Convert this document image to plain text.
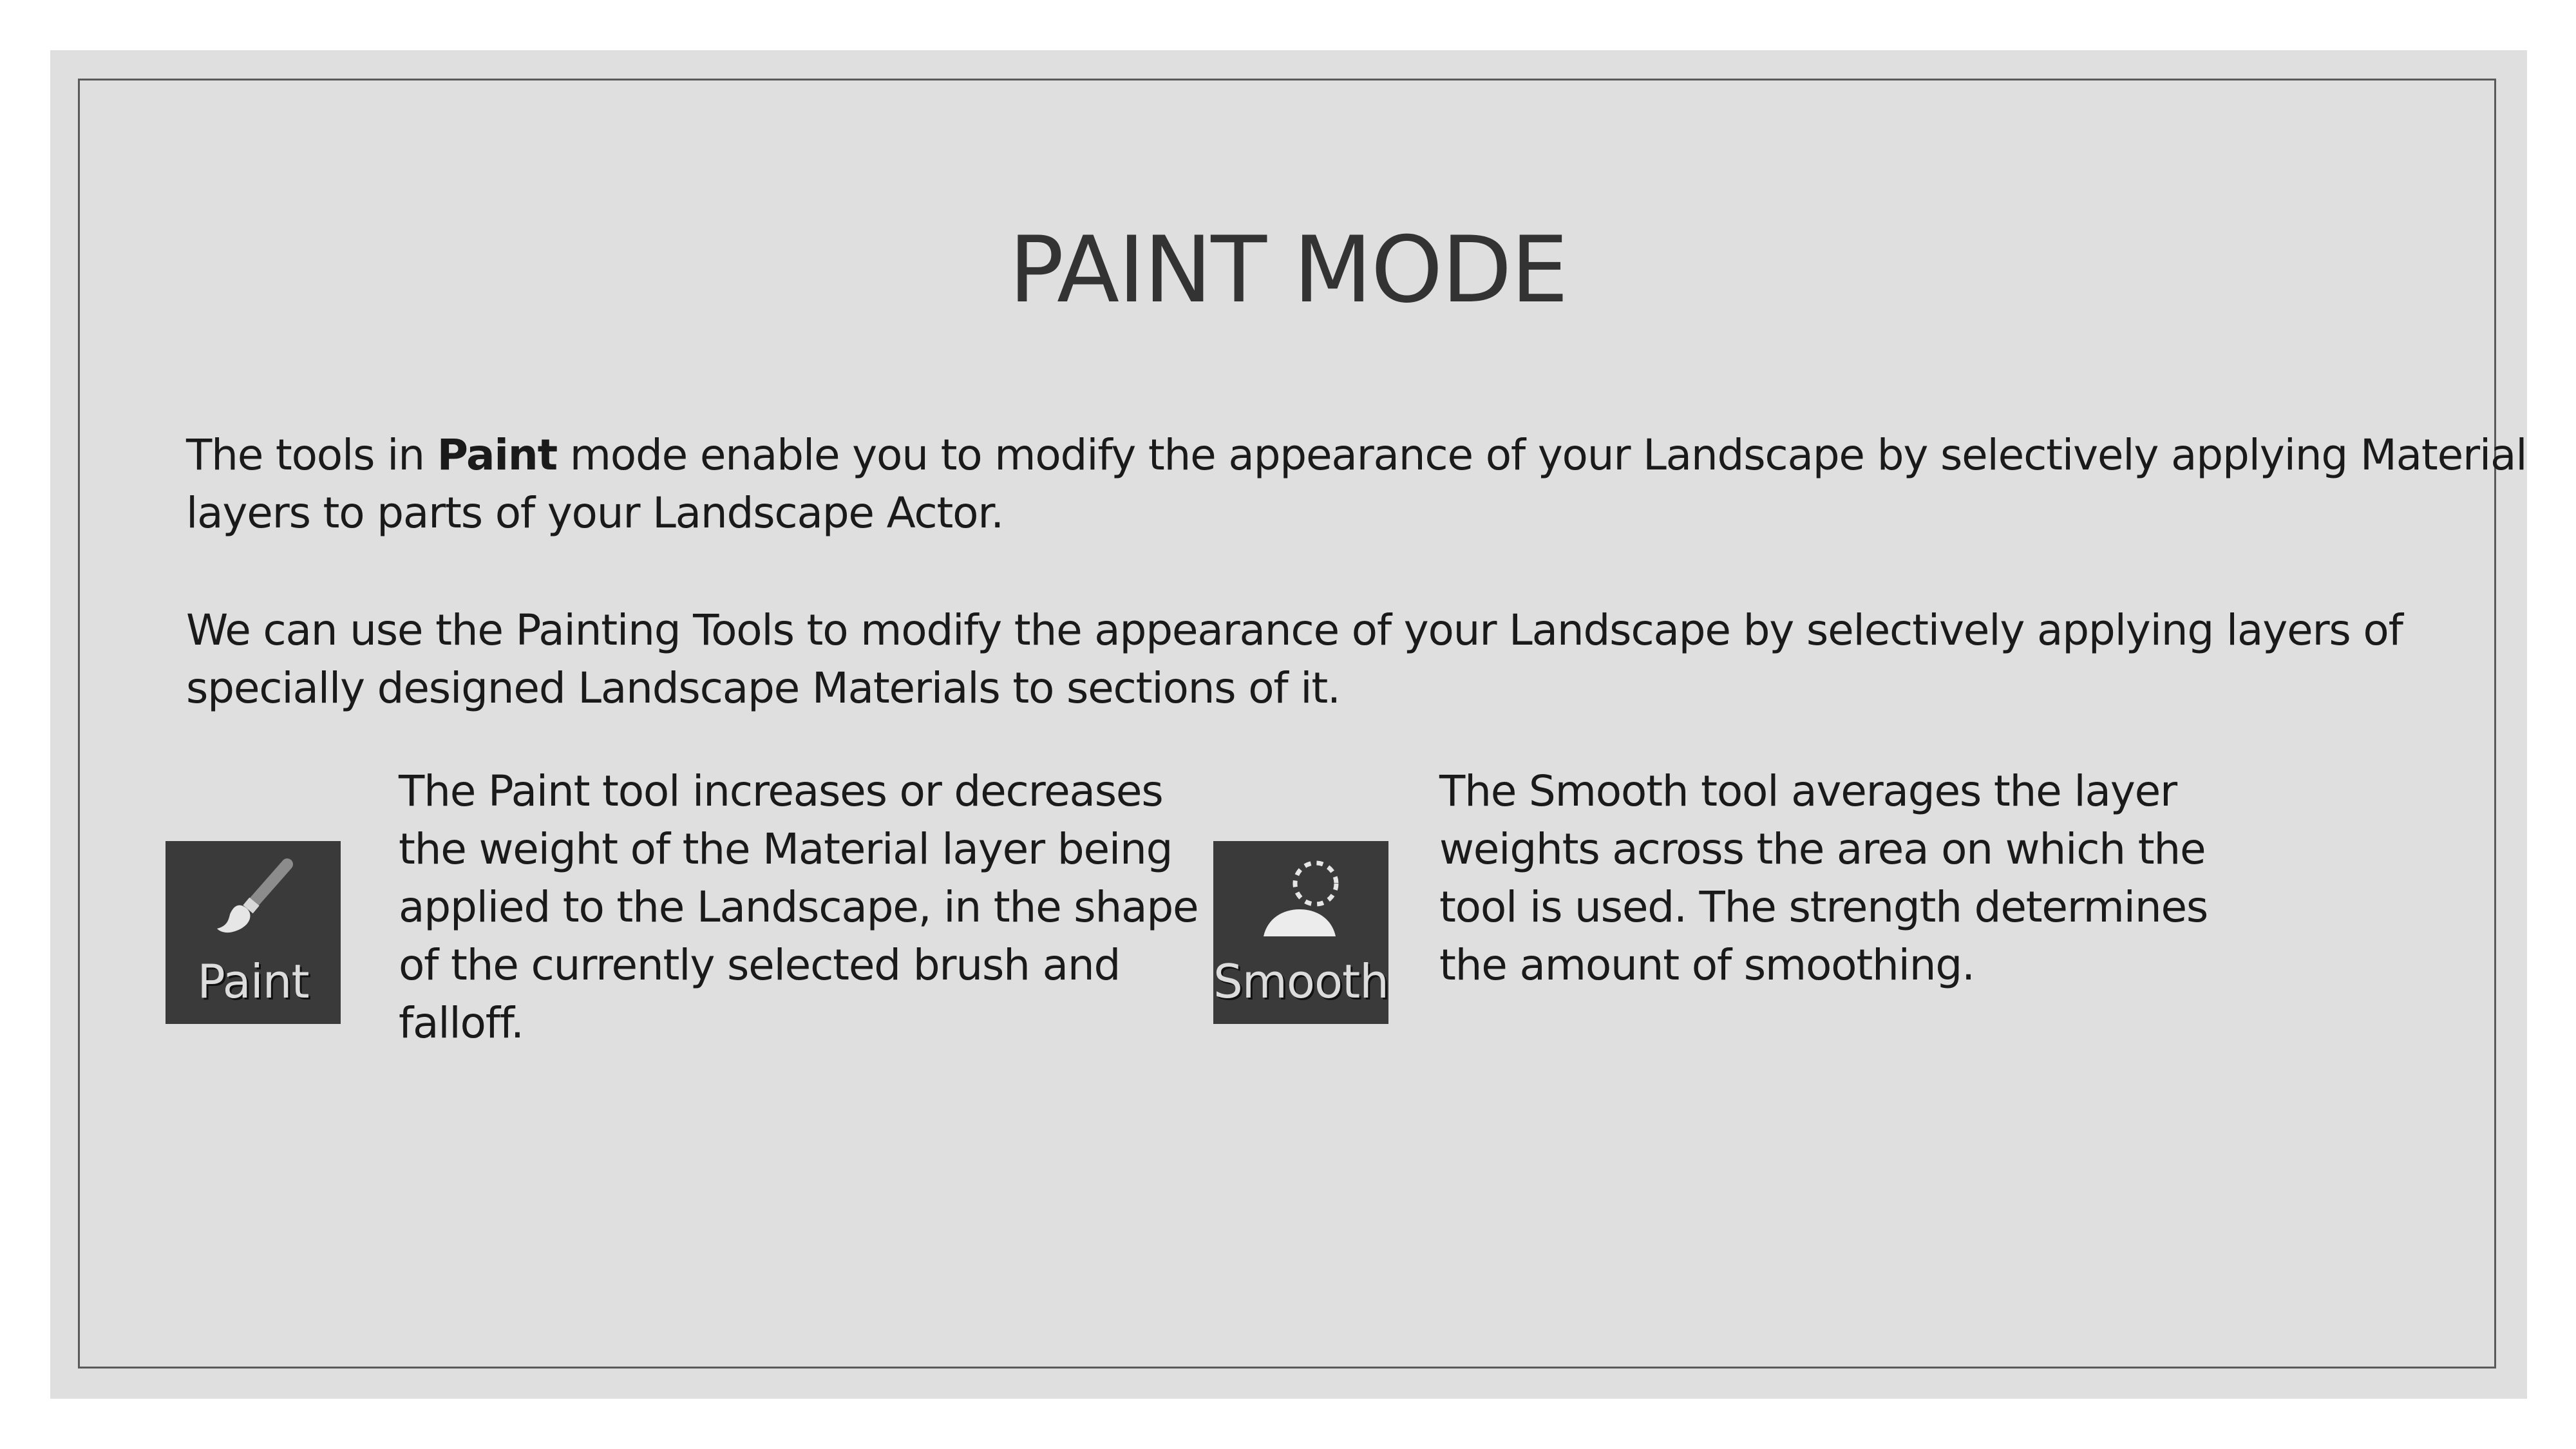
PAINT MODE
The tools in Paint mode enable you to modify the appearance of your Landscape by selectively applying Material
layers to parts of your Landscape Actor.
We can use the Painting Tools to modify the appearance of your Landscape by selectively applying layers of
specially designed Landscape Materials to sections of it.
Paint
The Paint tool increases or decreases
the weight of the Material layer being
applied to the Landscape, in the shape
of the currently selected brush and
falloff.
Smooth
The Smooth tool averages the layer
weights across the area on which the
tool is used. The strength determines
the amount of smoothing.
